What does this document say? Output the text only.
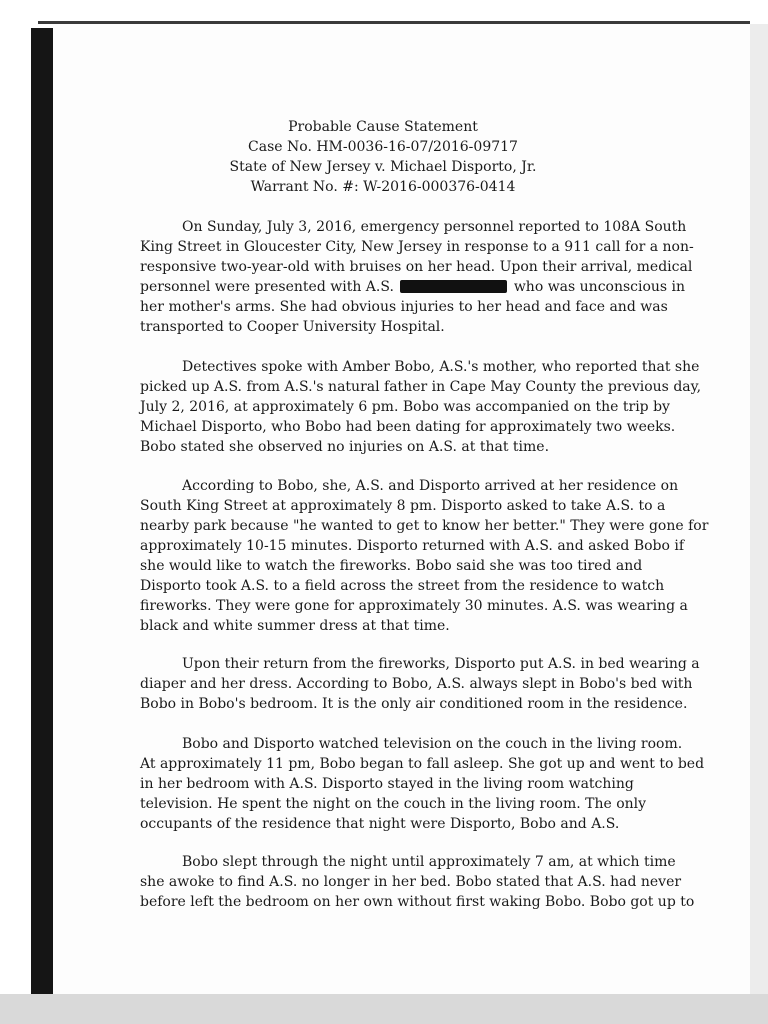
Probable Cause Statement
Case No. HM-0036-16-07/2016-09717
State of New Jersey v. Michael Disporto, Jr.
Warrant No. #: W-2016-000376-0414
On Sunday, July 3, 2016, emergency personnel reported to 108A South
King Street in Gloucester City, New Jersey in response to a 911 call for a non-
responsive two-year-old with bruises on her head. Upon their arrival, medical
personnel were presented with A.S.	who was unconscious in
her mother's arms. She had obvious injuries to her head and face and was
transported to Cooper University Hospital.
Detectives spoke with Amber Bobo, A.S.'s mother, who reported that she
picked up A.S. from A.S.'s natural father in Cape May County the previous day,
July 2, 2016, at approximately 6 pm. Bobo was accompanied on the trip by
Michael Disporto, who Bobo had been dating for approximately two weeks.
Bobo stated she observed no injuries on A.S. at that time.
According to Bobo, she, A.S. and Disporto arrived at her residence on
South King Street at approximately 8 pm. Disporto asked to take A.S. to a
nearby park because "he wanted to get to know her better." They were gone for
approximately 10-15 minutes. Disporto returned with A.S. and asked Bobo if
she would like to watch the fireworks. Bobo said she was too tired and
Disporto took A.S. to a field across the street from the residence to watch
fireworks. They were gone for approximately 30 minutes. A.S. was wearing a
black and white summer dress at that time.
Upon their return from the fireworks, Disporto put A.S. in bed wearing a
diaper and her dress. According to Bobo, A.S. always slept in Bobo's bed with
Bobo in Bobo's bedroom. It is the only air conditioned room in the residence.
Bobo and Disporto watched television on the couch in the living room.
At approximately 11 pm, Bobo began to fall asleep. She got up and went to bed
in her bedroom with A.S. Disporto stayed in the living room watching
television. He spent the night on the couch in the living room. The only
occupants of the residence that night were Disporto, Bobo and A.S.
Bobo slept through the night until approximately 7 am, at which time
she awoke to find A.S. no longer in her bed. Bobo stated that A.S. had never
before left the bedroom on her own without first waking Bobo. Bobo got up to
